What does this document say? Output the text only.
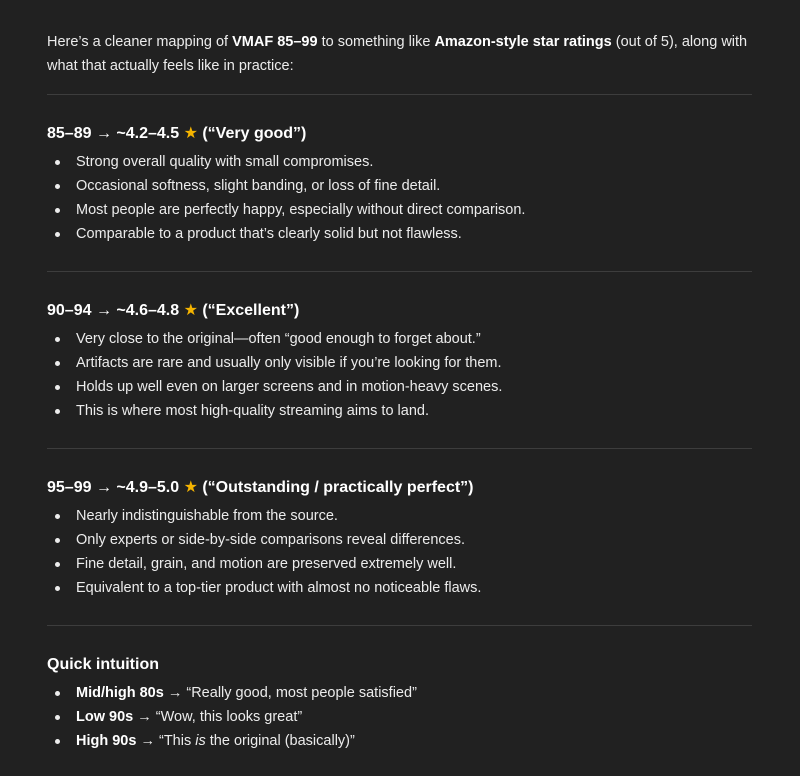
Here’s a cleaner mapping of VMAF 85–99 to something like Amazon-style star ratings (out of 5), along with what that actually feels like in practice:

85–89 → ~4.2–4.5 ★ (“Very good”)
Strong overall quality with small compromises.
Occasional softness, slight banding, or loss of fine detail.
Most people are perfectly happy, especially without direct comparison.
Comparable to a product that’s clearly solid but not flawless.
90–94 → ~4.6–4.8 ★ (“Excellent”)
Very close to the original—often “good enough to forget about.”
Artifacts are rare and usually only visible if you’re looking for them.
Holds up well even on larger screens and in motion-heavy scenes.
This is where most high-quality streaming aims to land.
95–99 → ~4.9–5.0 ★ (“Outstanding / practically perfect”)
Nearly indistinguishable from the source.
Only experts or side-by-side comparisons reveal differences.
Fine detail, grain, and motion are preserved extremely well.
Equivalent to a top-tier product with almost no noticeable flaws.
Quick intuition
Mid/high 80s → “Really good, most people satisfied”
Low 90s → “Wow, this looks great”
High 90s → “This is the original (basically)”
